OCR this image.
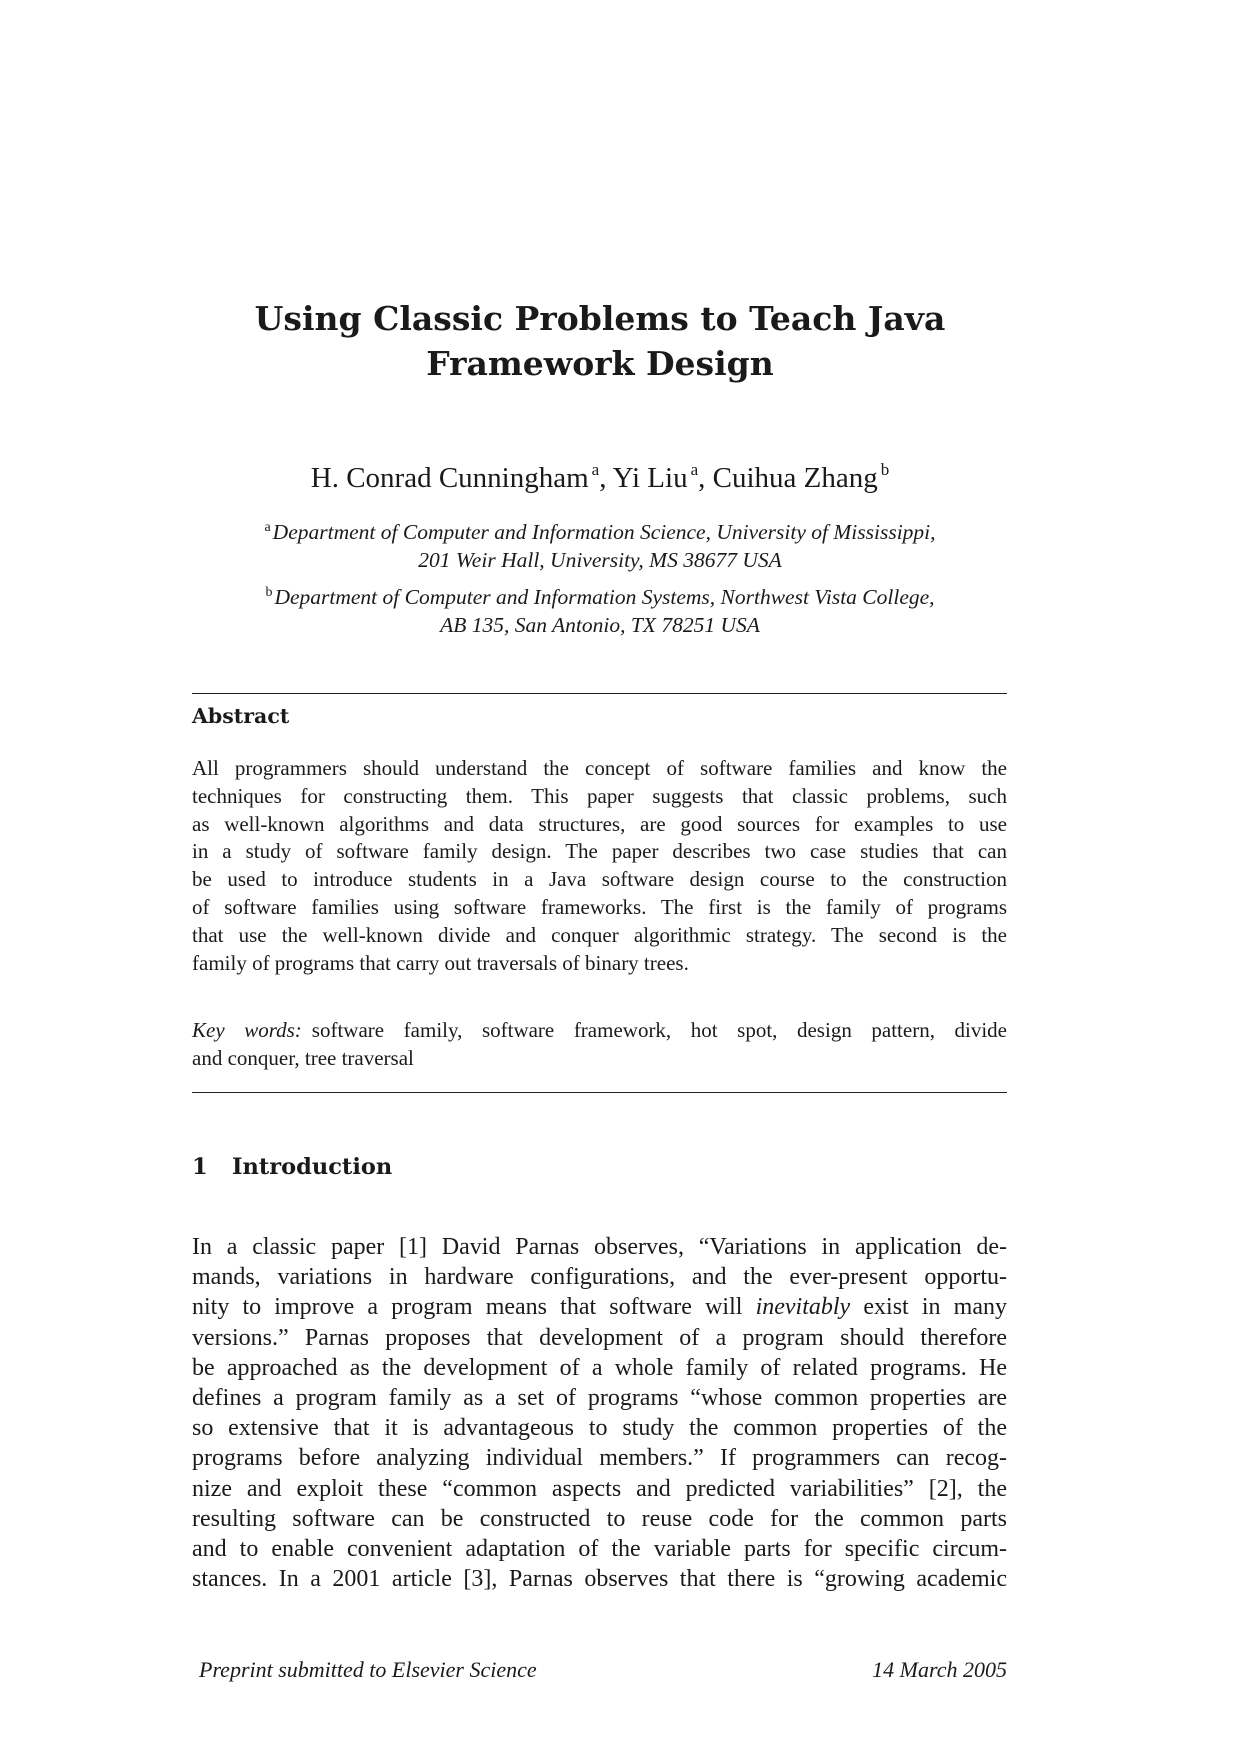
Using Classic Problems to Teach Java
Framework Design
H. Conrad Cunningham $^a$, Yi Liu $^a$, Cuihua Zhang $^b$
$^a$Department of Computer and Information Science, University of Mississippi,
201 Weir Hall, University, MS 38677 USA
$^b$Department of Computer and Information Systems, Northwest Vista College,
AB 135, San Antonio, TX 78251 USA
Abstract
All programmers should understand the concept of software families and know the
techniques for constructing them. This paper suggests that classic problems, such
as well-known algorithms and data structures, are good sources for examples to use
in a study of software family design. The paper describes two case studies that can
be used to introduce students in a Java software design course to the construction
of software families using software frameworks. The first is the family of programs
that use the well-known divide and conquer algorithmic strategy. The second is the
family of programs that carry out traversals of binary trees.
Key words: software family, software framework, hot spot, design pattern, divide
and conquer, tree traversal
1 Introduction
In a classic paper [1] David Parnas observes, “Variations in application de-
mands, variations in hardware configurations, and the ever-present opportu-
nity to improve a program means that software will inevitably exist in many
versions.” Parnas proposes that development of a program should therefore
be approached as the development of a whole family of related programs. He
defines a program family as a set of programs “whose common properties are
so extensive that it is advantageous to study the common properties of the
programs before analyzing individual members.” If programmers can recog-
nize and exploit these “common aspects and predicted variabilities” [2], the
resulting software can be constructed to reuse code for the common parts
and to enable convenient adaptation of the variable parts for specific circum-
stances. In a 2001 article [3], Parnas observes that there is “growing academic
Preprint submitted to Elsevier Science	14 March 2005
